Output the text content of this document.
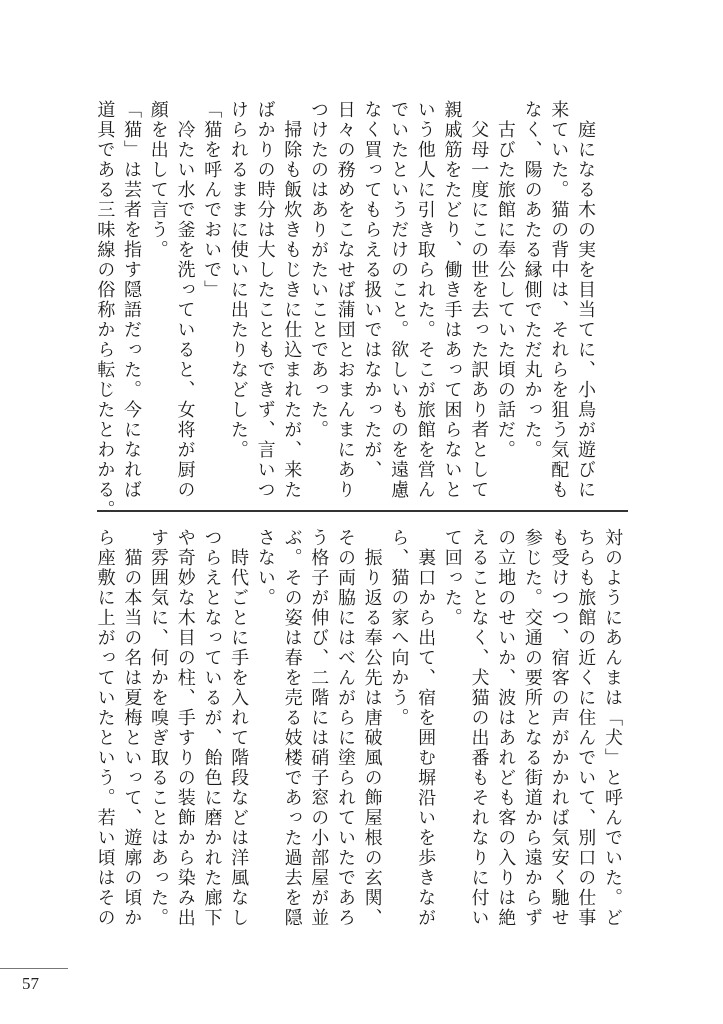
　庭になる木の実を目当てに、小鳥が遊びに
来ていた。猫の背中は、それらを狙う気配も
なく、陽のあたる縁側でただ丸かった。
　古びた旅館に奉公していた頃の話だ。
　父母一度にこの世を去った訳あり者として
親戚筋をたどり、働き手はあって困らないと
いう他人に引き取られた。そこが旅館を営ん
でいたというだけのこと。欲しいものを遠慮
なく買ってもらえる扱いではなかったが、
日々の務めをこなせば蒲団とおまんまにあり
つけたのはありがたいことであった。
　掃除も飯炊きもじきに仕込まれたが、来た
ばかりの時分は大したこともできず、言いつ
けられるままに使いに出たりなどした。
「猫を呼んでおいで」
　冷たい水で釜を洗っていると、女将が厨の
顔を出して言う。
「猫」は芸者を指す隠語だった。今になれば
道具である三味線の俗称から転じたとわかる。
対のようにあんまは「犬」と呼んでいた。ど
ちらも旅館の近くに住んでいて、別口の仕事
も受けつつ、宿客の声がかかれば気安く馳せ
参じた。交通の要所となる街道から遠からず
の立地のせいか、波はあれども客の入りは絶
えることなく、犬猫の出番もそれなりに付い
て回った。
　裏口から出て、宿を囲む塀沿いを歩きなが
ら、猫の家へ向かう。
　振り返る奉公先は唐破風の飾屋根の玄関、
その両脇にはべんがらに塗られていたであろ
う格子が伸び、二階には硝子窓の小部屋が並
ぶ。その姿は春を売る妓楼であった過去を隠
さない。
　時代ごとに手を入れて階段などは洋風なし
つらえとなっているが、飴色に磨かれた廊下
や奇妙な木目の柱、手すりの装飾から染み出
す雰囲気に、何かを嗅ぎ取ることはあった。
　猫の本当の名は夏梅といって、遊廓の頃か
ら座敷に上がっていたという。若い頃はその
57
